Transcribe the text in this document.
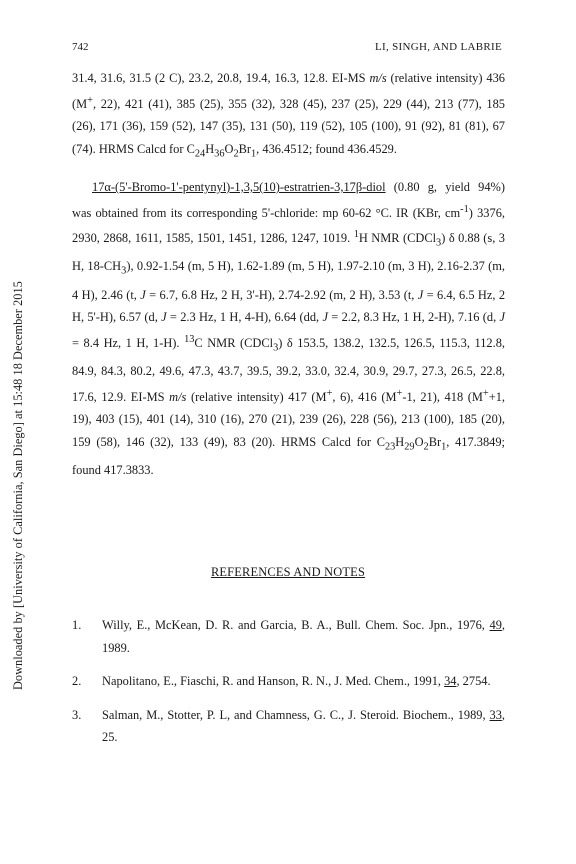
Downloaded by [University of California, San Diego] at 15:48 18 December 2015
742	LI, SINGH, AND LABRIE

31.4, 31.6, 31.5 (2 C), 23.2, 20.8, 19.4, 16.3, 12.8. EI-MS m/s (relative intensity) 436 (M+, 22), 421 (41), 385 (25), 355 (32), 328 (45), 237 (25), 229 (44), 213 (77), 185 (26), 171 (36), 159 (52), 147 (35), 131 (50), 119 (52), 105 (100), 91 (92), 81 (81), 67 (74). HRMS Calcd for $C_{24}H_{36}O_2Br_1$, 436.4512; found 436.4529.

17α-(5'-Bromo-1'-pentynyl)-1,3,5(10)-estratrien-3,17β-diol (0.80 g, yield 94%) was obtained from its corresponding 5'-chloride: mp 60-62 °C. IR (KBr, $cm^{-1}$) 3376, 2930, 2868, 1611, 1585, 1501, 1451, 1286, 1247, 1019. $^1$H NMR (CDCl$_3$) δ 0.88 (s, 3 H, $18-CH_3$), 0.92-1.54 (m, 5 H), 1.62-1.89 (m, 5 H), 1.97-2.10 (m, 3 H), 2.16-2.37 (m, 4 H), 2.46 (t, J = 6.7, 6.8 Hz, 2 H, 3'-H), 2.74-2.92 (m, 2 H), 3.53 (t, J = 6.4, 6.5 Hz, 2 H, 5'-H), 6.57 (d, J = 2.3 Hz, 1 H, 4-H), 6.64 (dd, J = 2.2, 8.3 Hz, 1 H, 2-H), 7.16 (d, J = 8.4 Hz, 1 H, 1-H). $^{13}$C NMR (CDCl$_3$) δ 153.5, 138.2, 132.5, 126.5, 115.3, 112.8, 84.9, 84.3, 80.2, 49.6, 47.3, 43.7, 39.5, 39.2, 33.0, 32.4, 30.9, 29.7, 27.3, 26.5, 22.8, 17.6, 12.9. EI-MS m/s (relative intensity) 417 (M+, 6), 416 (M+-1, 21), 418 (M++1, 19), 403 (15), 401 (14), 310 (16), 270 (21), 239 (26), 228 (56), 213 (100), 185 (20), 159 (58), 146 (32), 133 (49), 83 (20). HRMS Calcd for $C_{23}H_{29}O_2Br_1$, 417.3849; found 417.3833.

REFERENCES AND NOTES
1. Willy, E., McKean, D. R. and Garcia, B. A., Bull. Chem. Soc. Jpn., 1976, 49, 1989.
2. Napolitano, E., Fiaschi, R. and Hanson, R. N., J. Med. Chem., 1991, 34, 2754.
3. Salman, M., Stotter, P. L, and Chamness, G. C., J. Steroid. Biochem., 1989, 33, 25.
